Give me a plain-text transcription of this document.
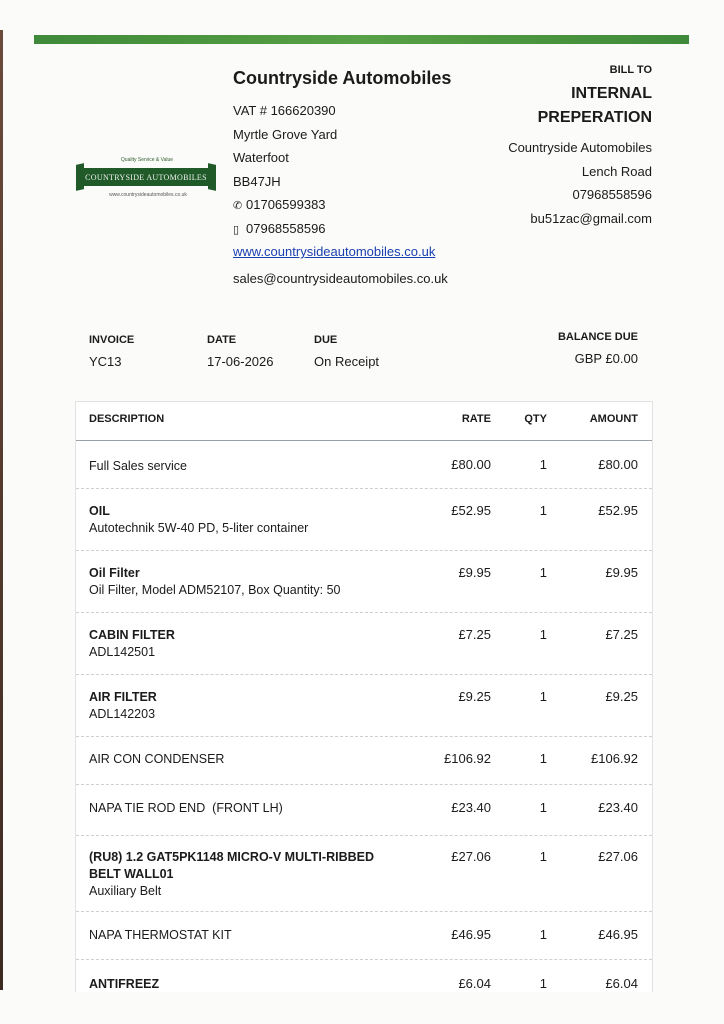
Quality Service & Value
COUNTRYSIDE AUTOMOBILES
www.countrysideautomobiles.co.uk
Countryside Automobiles
VAT # 166620390
Myrtle Grove Yard
Waterfoot
BB47JH
✆ 01706599383
▯ 07968558596
www.countrysideautomobiles.co.uk
sales@countrysideautomobiles.co.uk
BILL TO
INTERNAL
PREPERATION
Countryside Automobiles
Lench Road
07968558596
bu51zac@gmail.com
INVOICE
YC13
DATE
17-06-2026
DUE
On Receipt
BALANCE DUE
GBP £0.00
DESCRIPTION	RATE	QTY	AMOUNT
Full Sales service	£80.00	1	£80.00
OIL
Autotechnik 5W-40 PD, 5-liter container
£52.95	1	£52.95
Oil Filter
Oil Filter, Model ADM52107, Box Quantity: 50
£9.95	1	£9.95
CABIN FILTER
ADL142501
£7.25	1	£7.25
AIR FILTER
ADL142203
£9.25	1	£9.25
AIR CON CONDENSER	£106.92	1	£106.92
NAPA TIE ROD END  (FRONT LH)	£23.40	1	£23.40
(RU8) 1.2 GAT5PK1148 MICRO-V MULTI-RIBBED BELT WALL01
Auxiliary Belt
£27.06	1	£27.06
NAPA THERMOSTAT KIT	£46.95	1	£46.95
ANTIFREEZ	£6.04	1	£6.04
